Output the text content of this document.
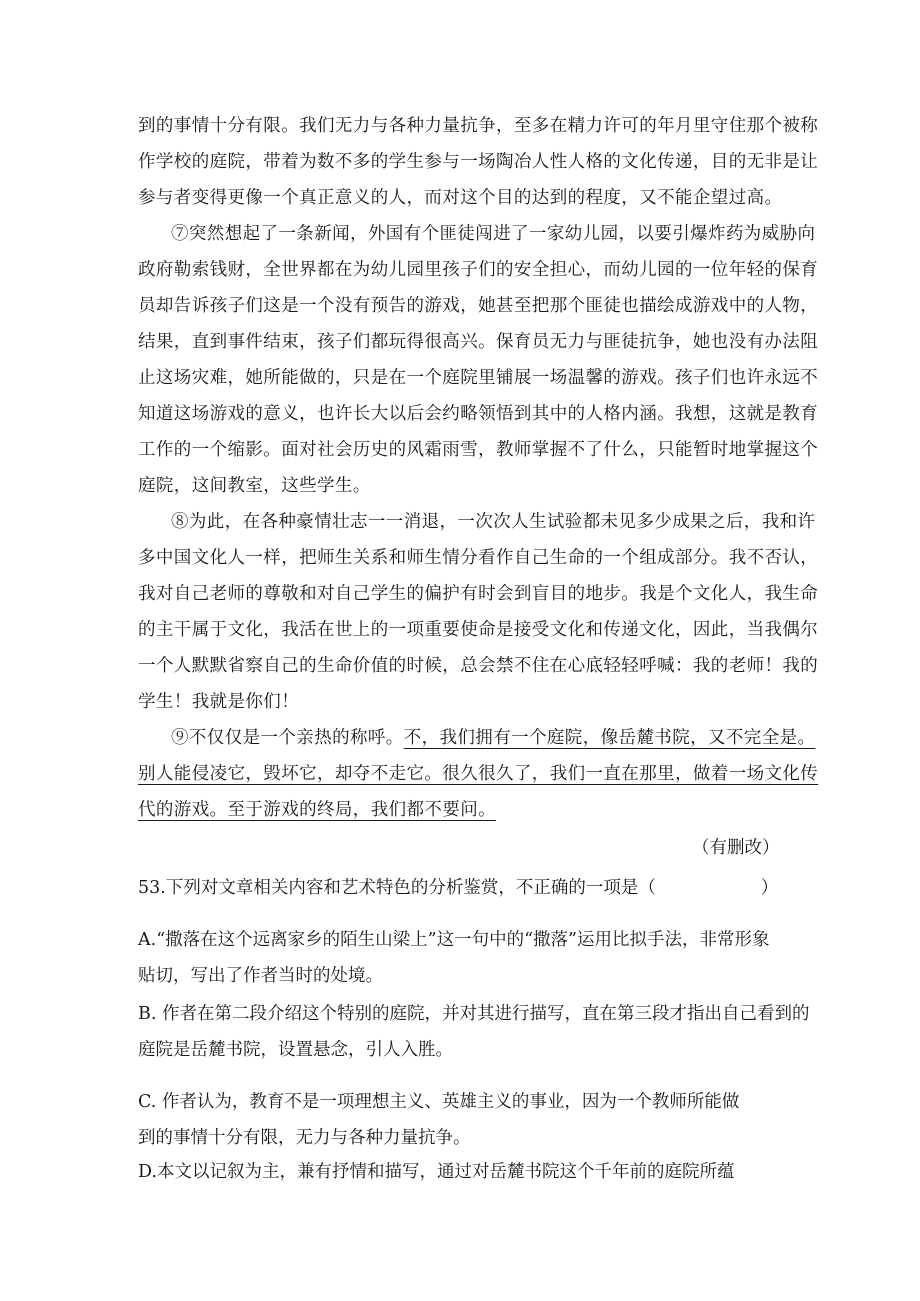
到的事情十分有限。我们无力与各种力量抗争，至多在精力许可的年月里守住那个被称
作学校的庭院，带着为数不多的学生参与一场陶冶人性人格的文化传递，目的无非是让
参与者变得更像一个真正意义的人，而对这个目的达到的程度，又不能企望过高。
⑦突然想起了一条新闻，外国有个匪徒闯进了一家幼儿园，以要引爆炸药为威胁向
政府勒索钱财，全世界都在为幼儿园里孩子们的安全担心，而幼儿园的一位年轻的保育
员却告诉孩子们这是一个没有预告的游戏，她甚至把那个匪徒也描绘成游戏中的人物，
结果，直到事件结束，孩子们都玩得很高兴。保育员无力与匪徒抗争，她也没有办法阻
止这场灾难，她所能做的，只是在一个庭院里铺展一场温馨的游戏。孩子们也许永远不
知道这场游戏的意义，也许长大以后会约略领悟到其中的人格内涵。我想，这就是教育
工作的一个缩影。面对社会历史的风霜雨雪，教师掌握不了什么，只能暂时地掌握这个
庭院，这间教室，这些学生。
⑧为此，在各种豪情壮志一一消退，一次次人生试验都未见多少成果之后，我和许
多中国文化人一样，把师生关系和师生情分看作自己生命的一个组成部分。我不否认，
我对自己老师的尊敬和对自己学生的偏护有时会到盲目的地步。我是个文化人，我生命
的主干属于文化，我活在世上的一项重要使命是接受文化和传递文化，因此，当我偶尔
一个人默默省察自己的生命价值的时候，总会禁不住在心底轻轻呼喊：我的老师！我的
学生！我就是你们！
⑨不仅仅是一个亲热的称呼。不，我们拥有一个庭院，像岳麓书院，又不完全是。
别人能侵凌它，毁坏它，却夺不走它。很久很久了，我们一直在那里，做着一场文化传
代的游戏。至于游戏的终局，我们都不要问。
（有删改）
53.下列对文章相关内容和艺术特色的分析鉴赏，不正确的一项是（　　　　　　）
A.“撒落在这个远离家乡的陌生山梁上”这一句中的“撒落”运用比拟手法，非常形象
贴切，写出了作者当时的处境。
B. 作者在第二段介绍这个特别的庭院，并对其进行描写，直在第三段才指出自己看到的
庭院是岳麓书院，设置悬念，引人入胜。
C. 作者认为，教育不是一项理想主义、英雄主义的事业，因为一个教师所能做
到的事情十分有限，无力与各种力量抗争。
D.本文以记叙为主，兼有抒情和描写，通过对岳麓书院这个千年前的庭院所蕴
